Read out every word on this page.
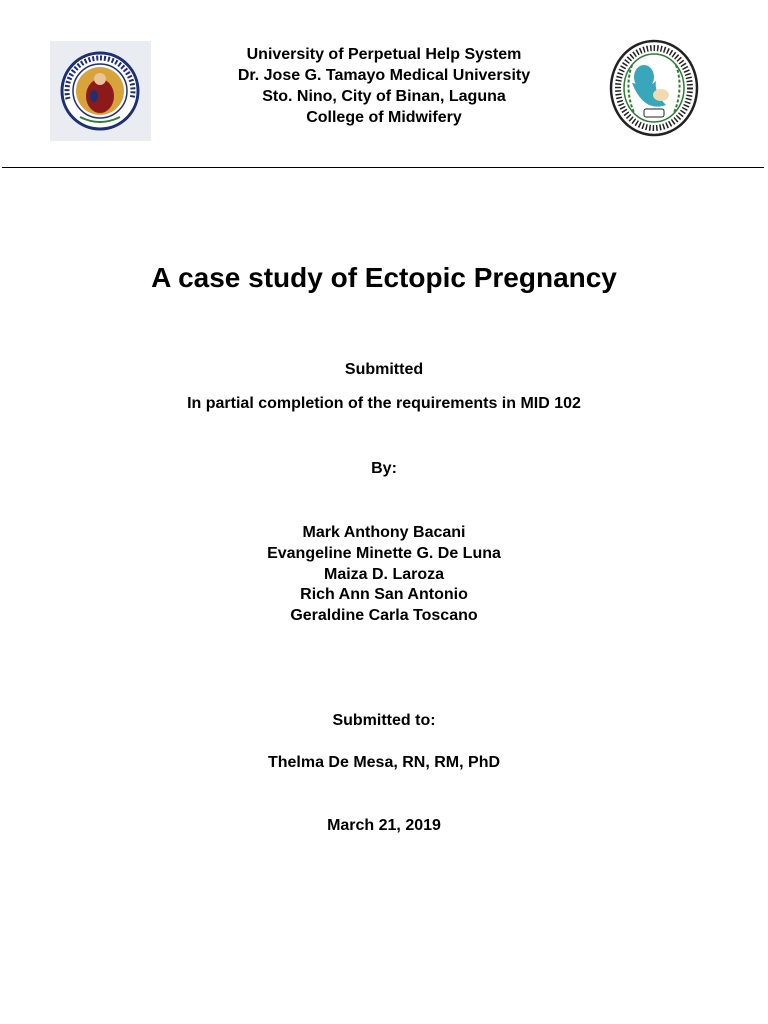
University of Perpetual Help System
Dr. Jose G. Tamayo Medical University
Sto. Nino, City of Binan, Laguna
College of Midwifery
A case study of Ectopic Pregnancy
Submitted
In partial completion of the requirements in MID 102
By:
Mark Anthony Bacani
Evangeline Minette G. De Luna
Maiza D. Laroza
Rich Ann San Antonio
Geraldine Carla Toscano
Submitted to:
Thelma De Mesa, RN, RM, PhD
March 21, 2019
